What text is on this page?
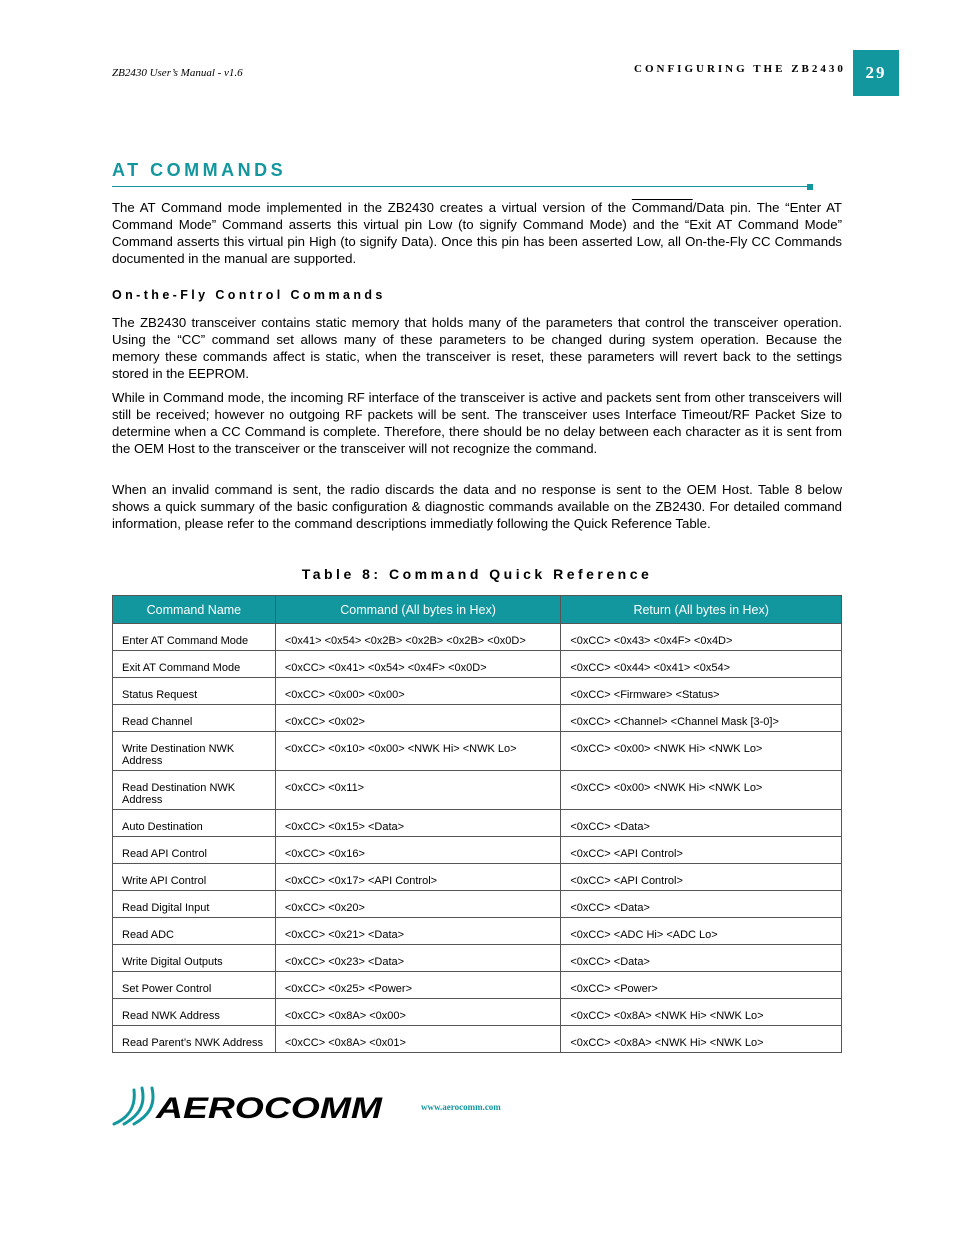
ZB2430 User’s Manual - v1.6	CONFIGURING THE ZB2430	29
AT COMMANDS

The AT Command mode implemented in the ZB2430 creates a virtual version of the Command/Data pin. The “Enter AT Command Mode” Command asserts this virtual pin Low (to signify Command Mode) and the “Exit AT Command Mode” Command asserts this virtual pin High (to signify Data). Once this pin has been asserted Low, all On-the-Fly CC Commands documented in the manual are supported.

On-the-Fly Control Commands

The ZB2430 transceiver contains static memory that holds many of the parameters that control the transceiver operation. Using the “CC” command set allows many of these parameters to be changed during system operation. Because the memory these commands affect is static, when the transceiver is reset, these parameters will revert back to the settings stored in the EEPROM.

While in Command mode, the incoming RF interface of the transceiver is active and packets sent from other transceivers will still be received; however no outgoing RF packets will be sent. The transceiver uses Interface Timeout/RF Packet Size to determine when a CC Command is complete. Therefore, there should be no delay between each character as it is sent from the OEM Host to the transceiver or the transceiver will not recognize the command.

When an invalid command is sent, the radio discards the data and no response is sent to the OEM Host. Table 8 below shows a quick summary of the basic configuration & diagnostic commands available on the ZB2430. For detailed command information, please refer to the command descriptions immediatly following the Quick Reference Table.

Table 8: Command Quick Reference
Command Name	Command (All bytes in Hex)	Return (All bytes in Hex)
Enter AT Command Mode	<0x41> <0x54> <0x2B> <0x2B> <0x2B> <0x0D>	<0xCC> <0x43> <0x4F> <0x4D>
Exit AT Command Mode	<0xCC> <0x41> <0x54> <0x4F> <0x0D>	<0xCC> <0x44> <0x41> <0x54>
Status Request	<0xCC> <0x00> <0x00>	<0xCC> <Firmware> <Status>
Read Channel	<0xCC> <0x02>	<0xCC> <Channel> <Channel Mask [3-0]>
Write Destination NWK Address	<0xCC> <0x10> <0x00> <NWK Hi> <NWK Lo>	<0xCC> <0x00> <NWK Hi> <NWK Lo>
Read Destination NWK Address	<0xCC> <0x11>	<0xCC> <0x00> <NWK Hi> <NWK Lo>
Auto Destination	<0xCC> <0x15> <Data>	<0xCC> <Data>
Read API Control	<0xCC> <0x16>	<0xCC> <API Control>
Write API Control	<0xCC> <0x17> <API Control>	<0xCC> <API Control>
Read Digital Input	<0xCC> <0x20>	<0xCC> <Data>
Read ADC	<0xCC> <0x21> <Data>	<0xCC> <ADC Hi> <ADC Lo>
Write Digital Outputs	<0xCC> <0x23> <Data>	<0xCC> <Data>
Set Power Control	<0xCC> <0x25> <Power>	<0xCC> <Power>
Read NWK Address	<0xCC> <0x8A> <0x00>	<0xCC> <0x8A> <NWK Hi> <NWK Lo>
Read Parent’s NWK Address	<0xCC> <0x8A> <0x01>	<0xCC> <0x8A> <NWK Hi> <NWK Lo>
AEROCOMM	www.aerocomm.com
